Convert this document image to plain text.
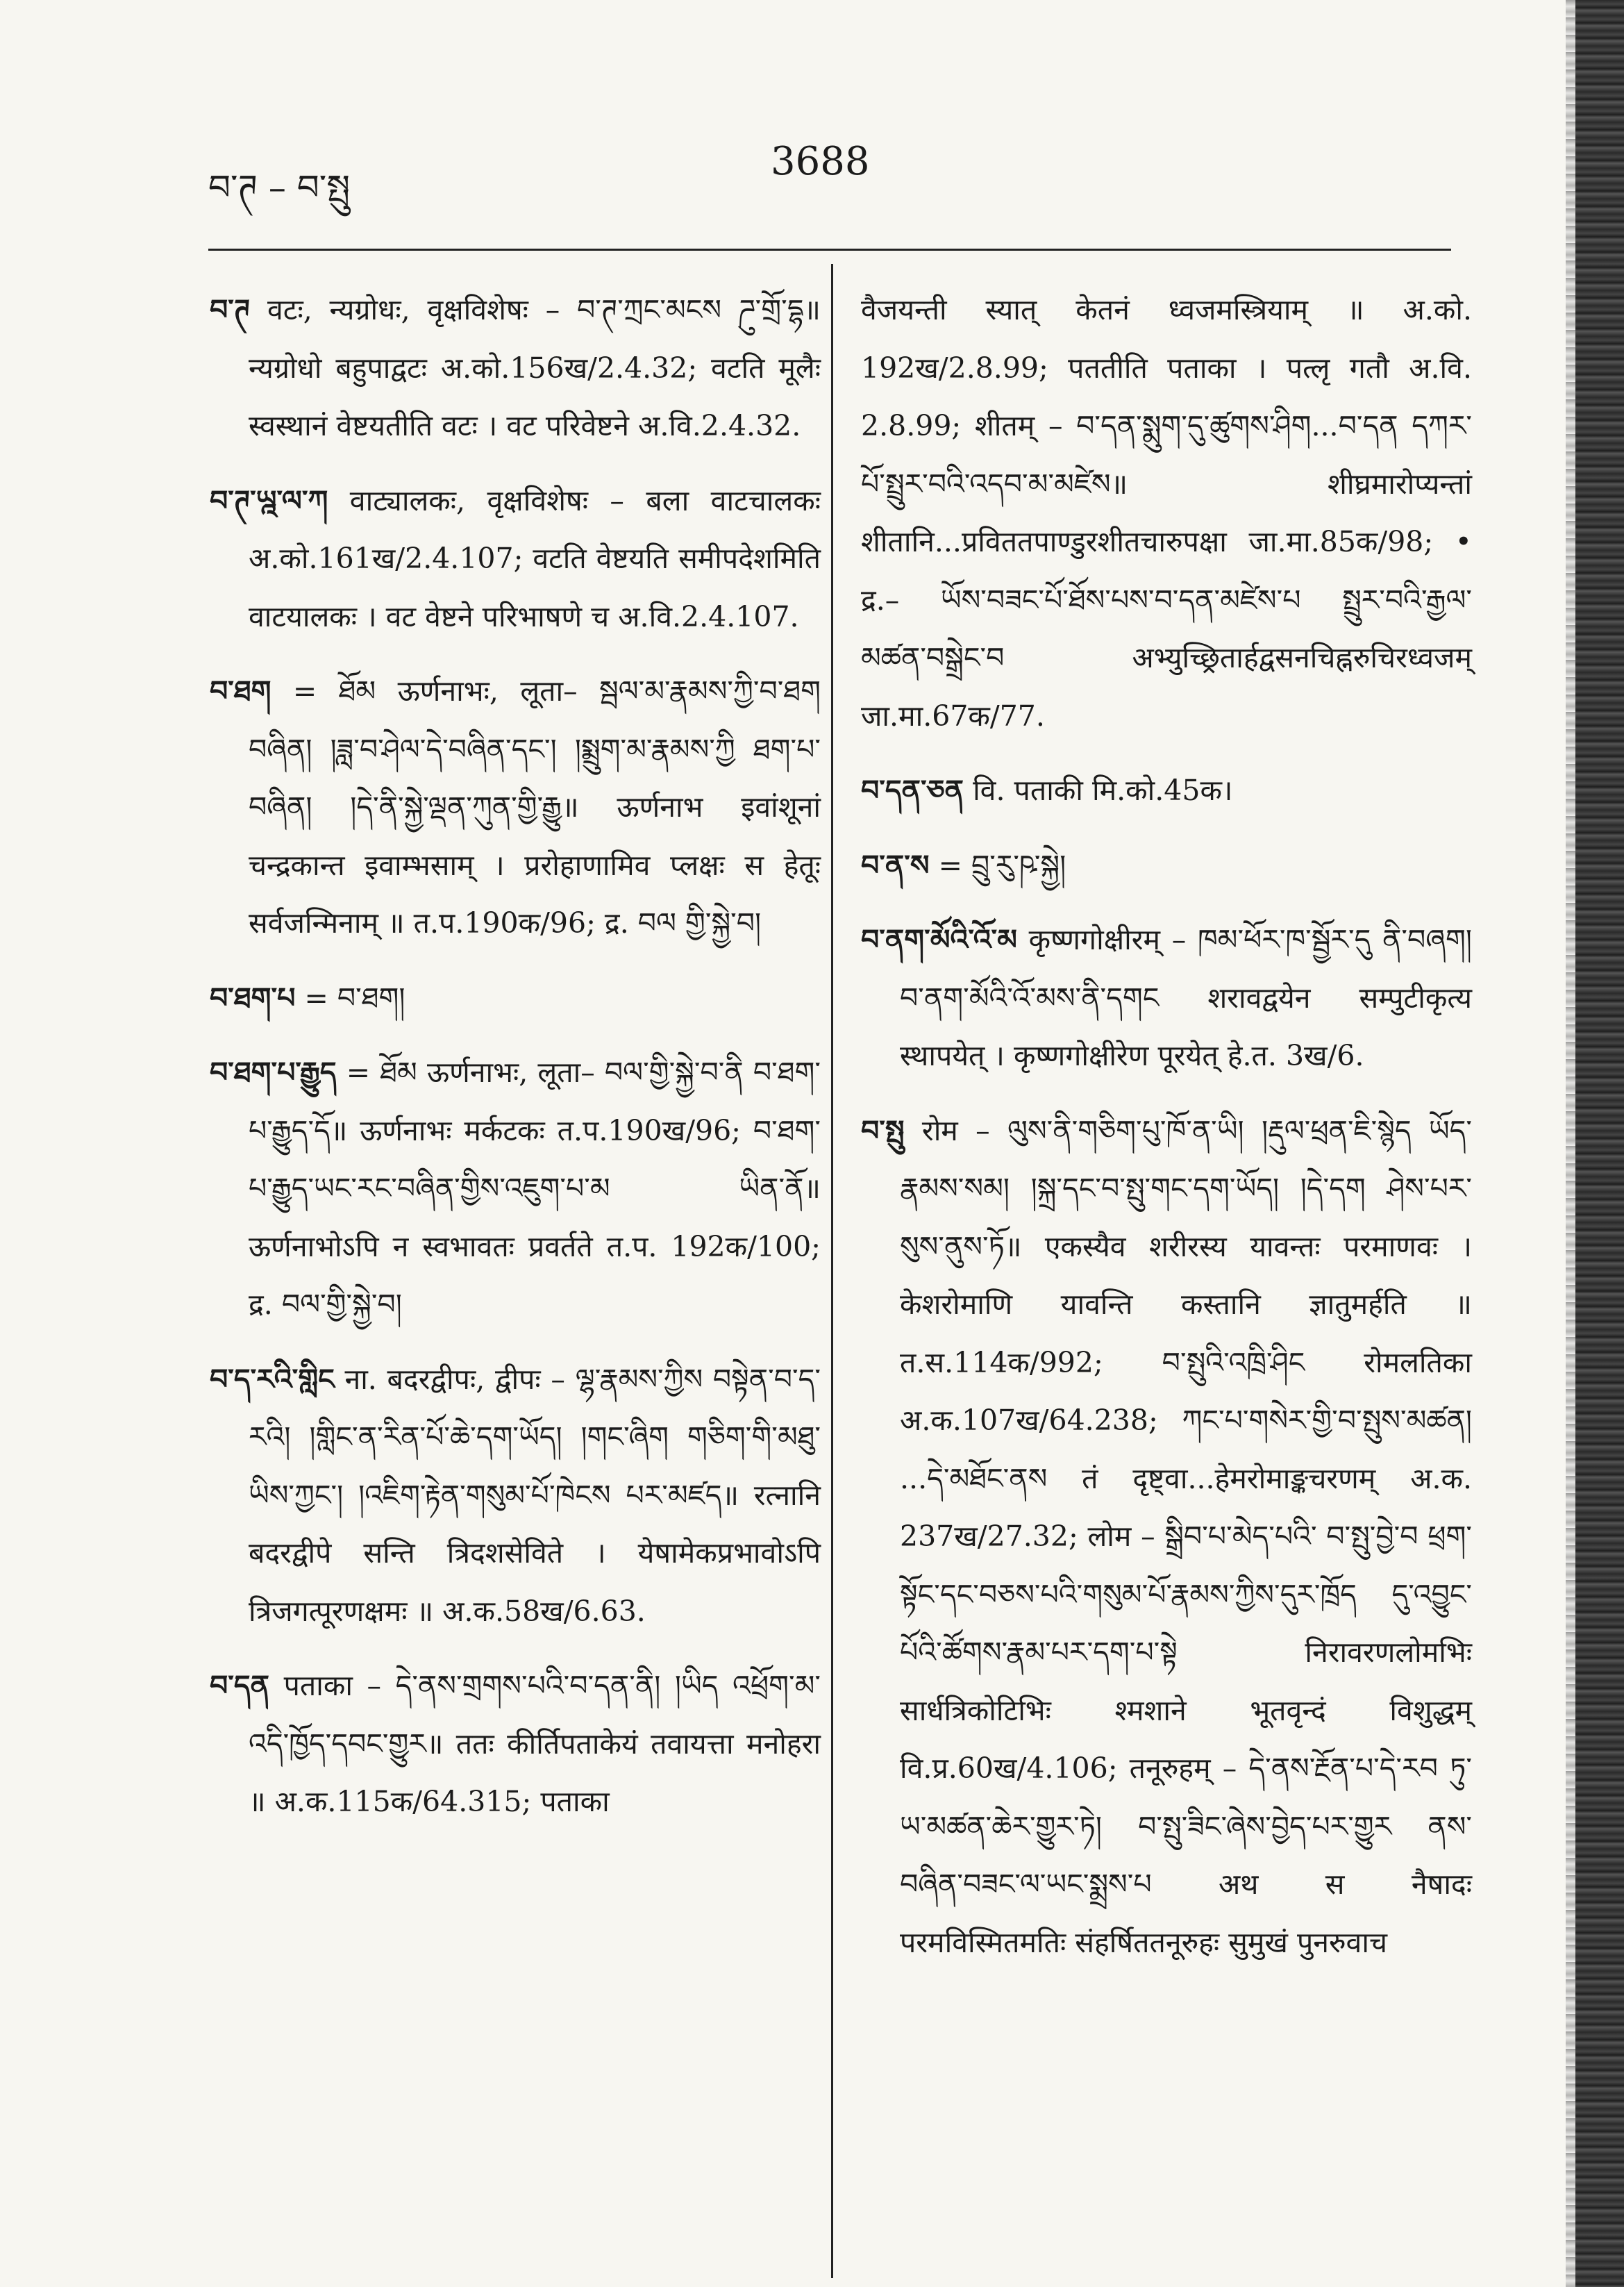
བ་ཊ – བ་སྤུ
3688

བ་ཊ वटः, न्यग्रोधः, वृक्षविशेषः – བ་ཊ་ཀྲང་མངས ཌུ་གྲོ་དྷ॥ न्यग्रोधो बहुपाद्वटः अ.को.156ख/2.4.32; वटति मूलैः स्वस्थानं वेष्टयतीति वटः । वट परिवेष्टने अ.वि.2.4.32.

བ་ཊ་ཡྰ་ལ་ཀ वाट्यालकः, वृक्षविशेषः – बला वाटचालकः अ.को.161ख/2.4.107; वटति वेष्टयति समीपदेशमिति वाटयालकः । वट वेष्टने परिभाषणे च अ.वि.2.4.107.

བ་ཐག = ཐོམ ऊर्णनाभः, लूता– སྦལ་མ་རྣམས་ཀྱི་བ་ཐག བཞིན། །ཟླ་བ་ཤེལ་དེ་བཞིན་དང་། །སྨྲུག་མ་རྣམས་ཀྱི ཐག་པ་བཞིན། །དེ་ནི་སྐྱེ་ལྡན་ཀུན་གྱི་རྒྱུ॥ ऊर्णनाभ इवांशूनां चन्द्रकान्त इवाम्भसाम् । प्ररोहाणामिव प्लक्षः स हेतूः सर्वजन्मिनाम् ॥ त.प.190क/96; द्र. བལ གྱི་སྐྱེ་བ།

བ་ཐག་པ = བ་ཐག།

བ་ཐག་པ་རྒྱུད = ཐོམ ऊर्णनाभः, लूता– བལ་གྱི་སྐྱེ་བ་ནི བ་ཐག་པ་རྒྱུད་དོ॥ ऊर्णनाभः मर्कटकः त.प.190ख/96; བ་ཐག་པ་རྒྱུད་ཡང་རང་བཞིན་གྱིས་འཇུག་པ་མ ཡིན་ནོ॥ ऊर्णनाभोऽपि न स्वभावतः प्रवर्तते त.प. 192क/100; द्र. བལ་གྱི་སྐྱེ་བ།

བ་ད་རའི་གླིང ना. बदरद्वीपः, द्वीपः – ལྷ་རྣམས་ཀྱིས བསྟེན་བ་ད་རའི། །གླིང་ན་རིན་པོ་ཆེ་དག་ཡོད། །གང་ཞིག གཅིག་གི་མཐུ་ཡིས་ཀྱང་། །འཇིག་རྟེན་གསུམ་པོ་ཁེངས པར་མཛད॥ रत्नानि बदरद्वीपे सन्ति त्रिदशसेविते । येषामेकप्रभावोऽपि त्रिजगत्पूरणक्षमः ॥ अ.क.58ख/6.63.

བ་དན पताका – དེ་ནས་གྲགས་པའི་བ་དན་ནི། །ཡིད འཕྲོག་མ་འདི་ཁྱོད་དབང་གྱུར॥ ततः कीर्तिपताकेयं तवायत्ता मनोहरा ॥ अ.क.115क/64.315; पताका

वैजयन्ती स्यात् केतनं ध्वजमस्त्रियाम् ॥ अ.को. 192ख/2.8.99; पततीति पताका । पत्लृ गतौ अ.वि. 2.8.99; शीतम् – བ་དན་སྨུག་དུ་ཚུགས་ཤིག...བ་དན དཀར་པོ་སྤྲུར་བའི་འདབ་མ་མཛེས॥ शीघ्रमारोप्यन्तां शीतानि...प्रविततपाण्डुरशीतचारुपक्षा जा.मा.85क/98; • द्र.– ཡོས་བཟང་པོ་ཐོས་པས་བ་དན་མཛེས་པ སྤྲུར་བའི་རྒྱལ་མཚན་བསྒྲེང་བ अभ्युच्छ्रितार्हद्वसनचिह्नरुचिरध्वजम् जा.मा.67क/77.

བ་དན་ཅན वि. पताकी मि.को.45क।

བ་ན་ས = བྲུ་རུ་ཥ་སྐྱེ།

བ་ནག་མོའི་འོ་མ कृष्णगोक्षीरम् – ཁམ་ཕོར་ཁ་སྦྱོར་དུ ནི་བཞག། བ་ནག་མོའི་འོ་མས་ནི་དགང शरावद्वयेन सम्पुटीकृत्य स्थापयेत् । कृष्णगोक्षीरेण पूरयेत् हे.त. 3ख/6.

བ་སྤུ रोम – ལུས་ནི་གཅིག་པུ་ཁོ་ན་ཡི། །རྡུལ་ཕྲན་ཇི་སྙེད ཡོད་རྣམས་སམ། །སྐྲ་དང་བ་སྤུ་གང་དག་ཡོད། །དེ་དག ཤེས་པར་སུས་ནུས་ཏོ॥ एकस्यैव शरीरस्य यावन्तः परमाणवः । केशरोमाणि यावन्ति कस्तानि ज्ञातुमर्हति ॥ त.स.114क/992; བ་སྤུའི་འཁྲི་ཤིང रोमलतिका अ.क.107ख/64.238; ཀང་པ་གསེར་གྱི་བ་སྤུས་མཚན། ...དེ་མཐོང་ནས तं दृष्ट्वा...हेमरोमाङ्कचरणम् अ.क. 237ख/27.32; लोम – སྒྲིབ་པ་མེད་པའི་ བ་སྤུ་བྱེ་བ ཕྲག་སྟོང་དང་བཅས་པའི་གསུམ་པོ་རྣམས་ཀྱིས་དུར་ཁྲོད དུ་འབྱུང་པོའི་ཚོགས་རྣམ་པར་དག་པ་སྟེ निरावरणलोमभिः सार्धत्रिकोटिभिः श्मशाने भूतवृन्दं विशुद्धम् वि.प्र.60ख/4.106; तनूरुहम् – དེ་ནས་རྔོན་པ་དེ་རབ ཏུ་ཡ་མཚན་ཆེར་གྱུར་ཏེ། བ་སྤུ་ཟིང་ཞེས་བྱེད་པར་གྱུར ནས་བཞིན་བཟང་ལ་ཡང་སྨྲས་པ अथ स नैषादः परमविस्मितमतिः संहर्षिततनूरुहः सुमुखं पुनरुवाच
